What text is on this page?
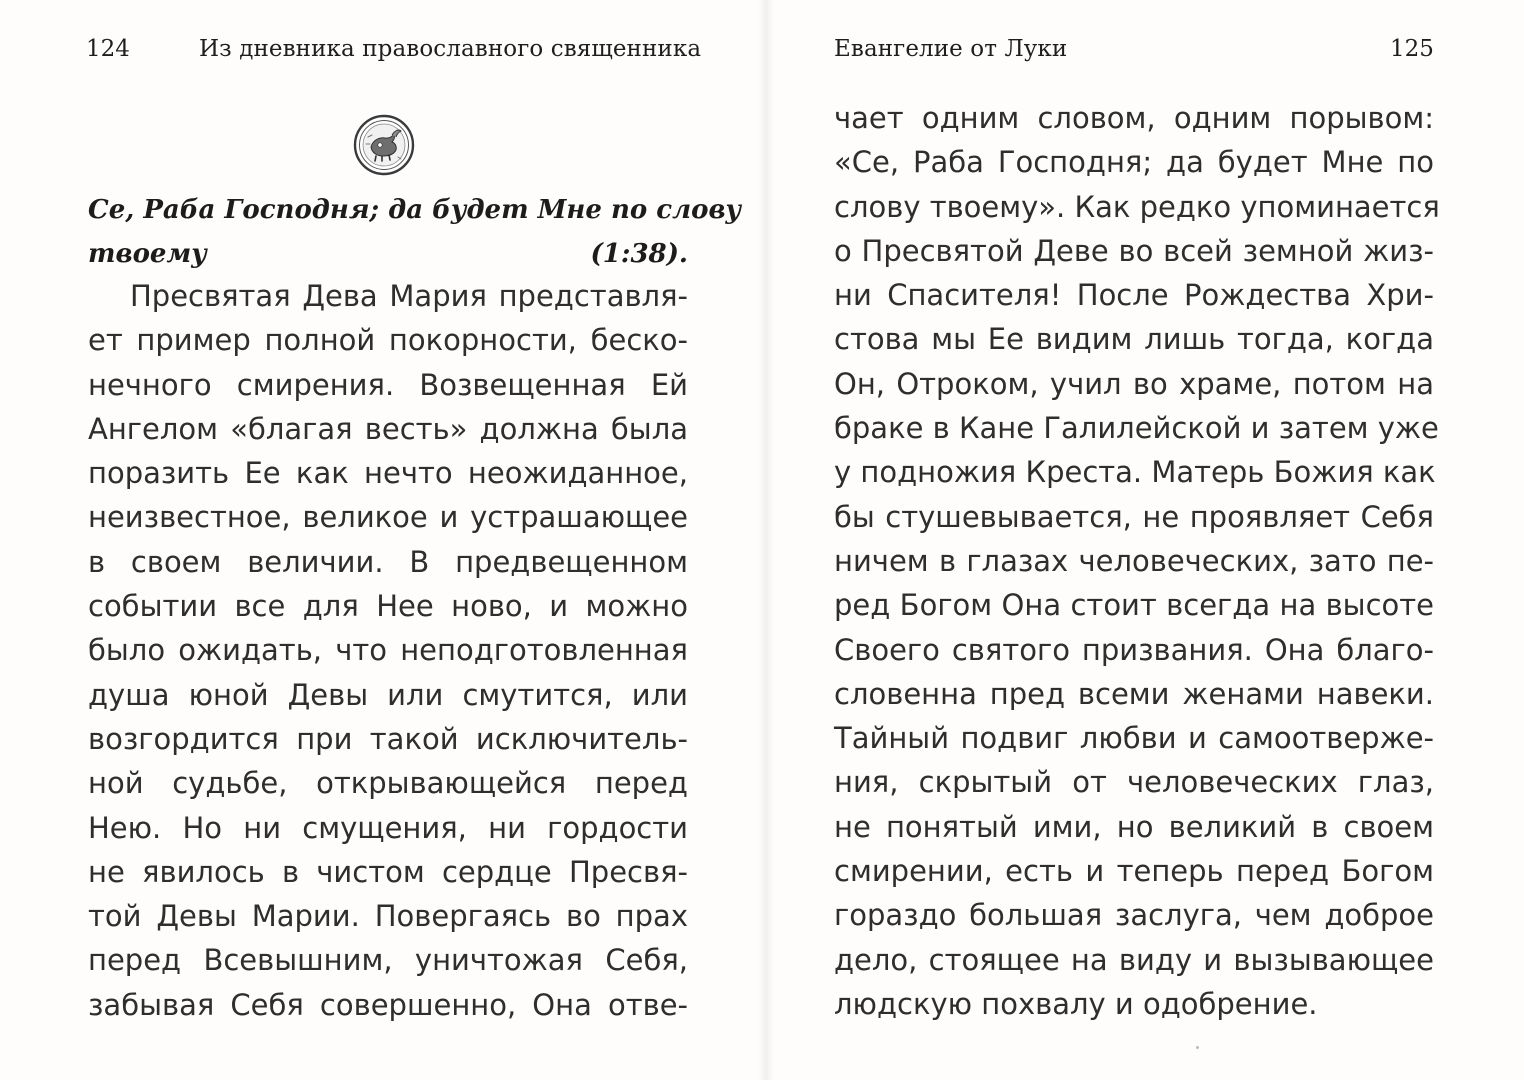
124	Из дневника православного священника
Се, Раба Господня; да будет Мне по слову
твоему (1:38).
Пресвятая Дева Мария представля-
ет пример полной покорности, беско-
нечного смирения. Возвещенная Ей
Ангелом «благая весть» должна была
поразить Ее как нечто неожиданное,
неизвестное, великое и устрашающее
в своем величии. В предвещенном
событии все для Нее ново, и можно
было ожидать, что неподготовленная
душа юной Девы или смутится, или
возгордится при такой исключитель-
ной судьбе, открывающейся перед
Нею. Но ни смущения, ни гордости
не явилось в чистом сердце Пресвя-
той Девы Марии. Повергаясь во прах
перед Всевышним, уничтожая Себя,
забывая Себя совершенно, Она отве-
Евангелие от Луки	125
чает одним словом, одним порывом:
«Се, Раба Господня; да будет Мне по
слову твоему». Как редко упоминается
о Пресвятой Деве во всей земной жиз-
ни Спасителя! После Рождества Хри-
стова мы Ее видим лишь тогда, когда
Он, Отроком, учил во храме, потом на
браке в Кане Галилейской и затем уже
у подножия Креста. Матерь Божия как
бы стушевывается, не проявляет Себя
ничем в глазах человеческих, зато пе-
ред Богом Она стоит всегда на высоте
Своего святого призвания. Она благо-
словенна пред всеми женами навеки.
Тайный подвиг любви и самоотверже-
ния, скрытый от человеческих глаз,
не понятый ими, но великий в своем
смирении, есть и теперь перед Богом
гораздо большая заслуга, чем доброе
дело, стоящее на виду и вызывающее
людскую похвалу и одобрение.
